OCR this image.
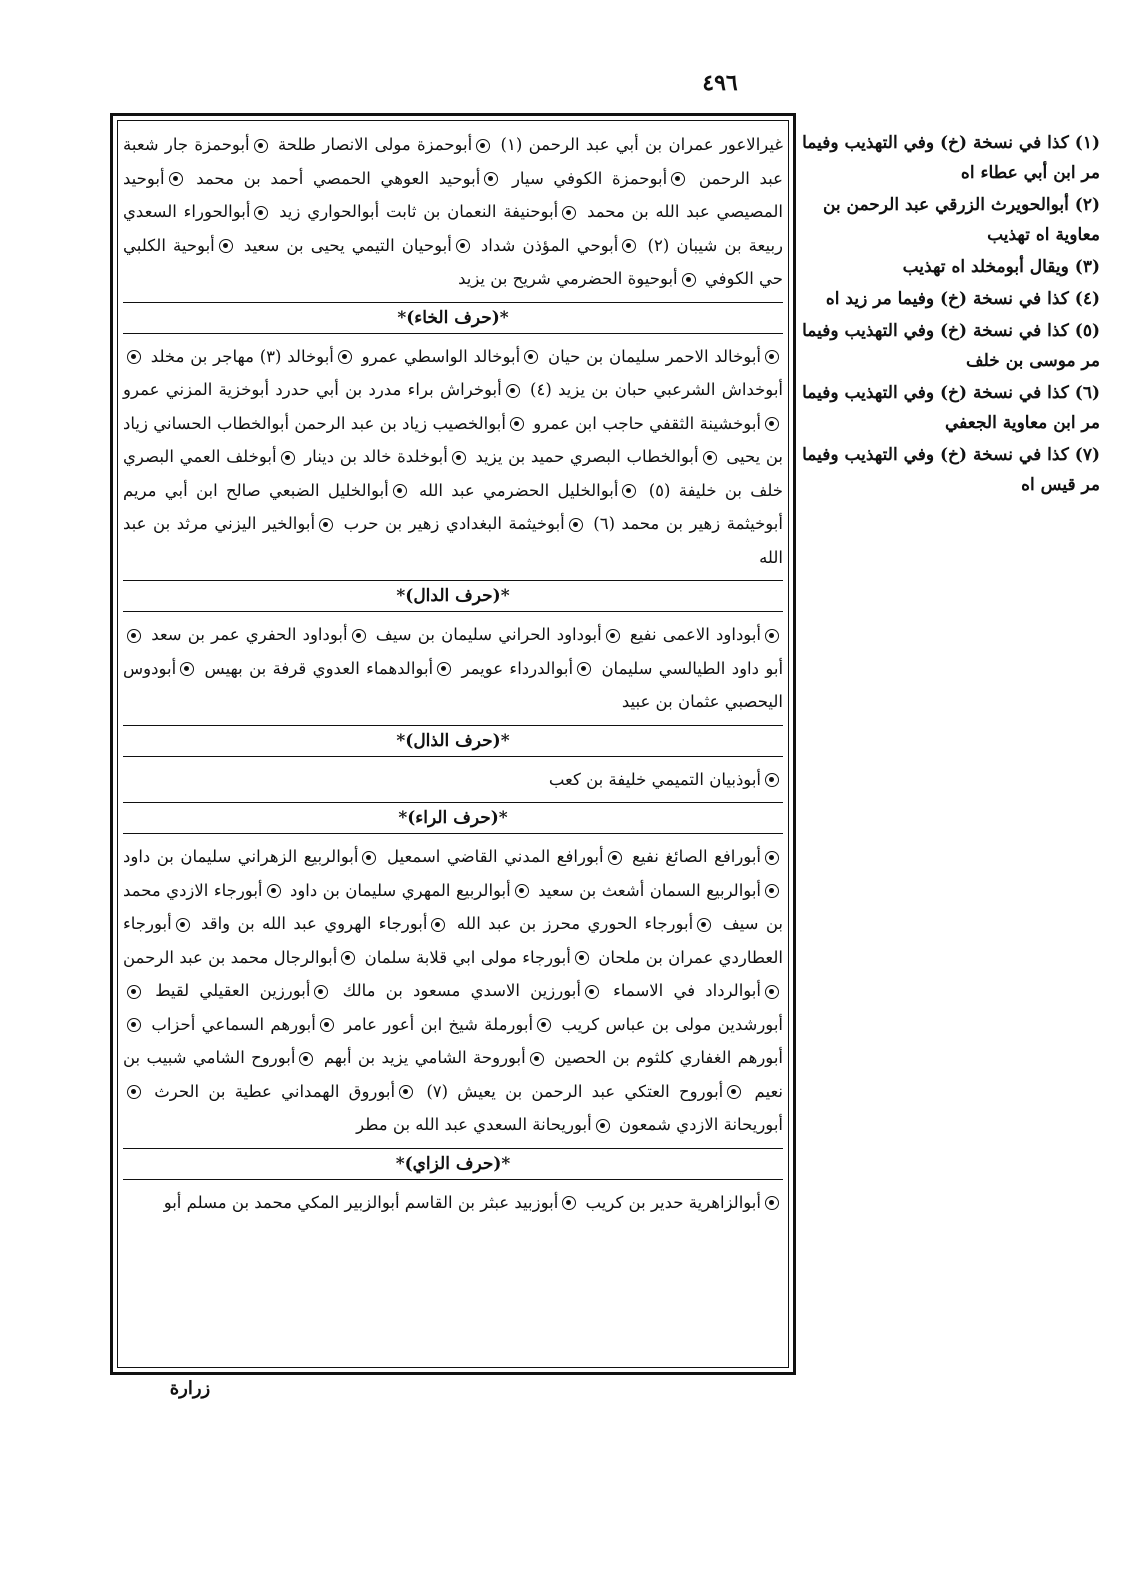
٤٩٦
غيرالاعور عمران بن أبي عبد الرحمن (١) أبوحمزة مولى الانصار طلحة أبوحمزة جار شعبة عبد الرحمن أبوحمزة الكوفي سيار أبوحيد العوهي الحمصي أحمد بن محمد أبوحيد المصيصي عبد الله بن محمد أبوحنيفة النعمان بن ثابت أبوالحواري زيد أبوالحوراء السعدي ربيعة بن شيبان (٢) أبوحي المؤذن شداد أبوحيان التيمي يحيى بن سعيد أبوحية الكلبي حي الكوفي أبوحيوة الحضرمي شريح بن يزيد
*(حرف الخاء)*
أبوخالد الاحمر سليمان بن حيان أبوخالد الواسطي عمرو أبوخالد (٣) مهاجر بن مخلد أبوخداش الشرعبي حبان بن يزيد (٤) أبوخراش براء مدرد بن أبي حدرد أبوخزية المزني عمرو أبوخشينة الثقفي حاجب ابن عمرو أبوالخصيب زياد بن عبد الرحمن أبوالخطاب الحساني زياد بن يحيى أبوالخطاب البصري حميد بن يزيد أبوخلدة خالد بن دينار أبوخلف العمي البصري خلف بن خليفة (٥) أبوالخليل الحضرمي عبد الله أبوالخليل الضبعي صالح ابن أبي مريم أبوخيثمة زهير بن محمد (٦) أبوخيثمة البغدادي زهير بن حرب أبوالخير اليزني مرثد بن عبد الله
*(حرف الدال)*
أبوداود الاعمى نفيع أبوداود الحراني سليمان بن سيف أبوداود الحفري عمر بن سعد أبو داود الطيالسي سليمان أبوالدرداء عويمر أبوالدهماء العدوي قرفة بن بهيس أبودوس اليحصبي عثمان بن عبيد
*(حرف الذال)*
أبوذبيان التميمي خليفة بن كعب
*(حرف الراء)*
أبورافع الصائغ نفيع أبورافع المدني القاضي اسمعيل أبوالربيع الزهراني سليمان بن داود أبوالربيع السمان أشعث بن سعيد أبوالربيع المهري سليمان بن داود أبورجاء الازدي محمد بن سيف أبورجاء الحوري محرز بن عبد الله أبورجاء الهروي عبد الله بن واقد أبورجاء العطاردي عمران بن ملحان أبورجاء مولى ابي قلابة سلمان أبوالرجال محمد بن عبد الرحمن أبوالرداد في الاسماء أبورزين الاسدي مسعود بن مالك أبورزين العقيلي لقيط أبورشدين مولى بن عباس كريب أبورملة شيخ ابن أعور عامر أبورهم السماعي أحزاب أبورهم الغفاري كلثوم بن الحصين أبوروحة الشامي يزيد بن أبهم أبوروح الشامي شبيب بن نعيم أبوروح العتكي عبد الرحمن بن يعيش (٧) أبوروق الهمداني عطية بن الحرث أبوريحانة الازدي شمعون أبوريحانة السعدي عبد الله بن مطر
*(حرف الزاي)*
أبوالزاهرية حدير بن كريب أبوزبيد عبثر بن القاسم أبوالزبير المكي محمد بن مسلم أبو
(١) كذا في نسخة (خ) وفي التهذيب وفيما مر ابن أبي عطاء اه
(٢) أبوالحويرث الزرقي عبد الرحمن بن معاوية اه تهذيب
(٣) ويقال أبومخلد اه تهذيب
(٤) كذا في نسخة (خ) وفيما مر زيد اه
(٥) كذا في نسخة (خ) وفي التهذيب وفيما مر موسى بن خلف
(٦) كذا في نسخة (خ) وفي التهذيب وفيما مر ابن معاوية الجعفي
(٧) كذا في نسخة (خ) وفي التهذيب وفيما مر قيس اه
زرارة
